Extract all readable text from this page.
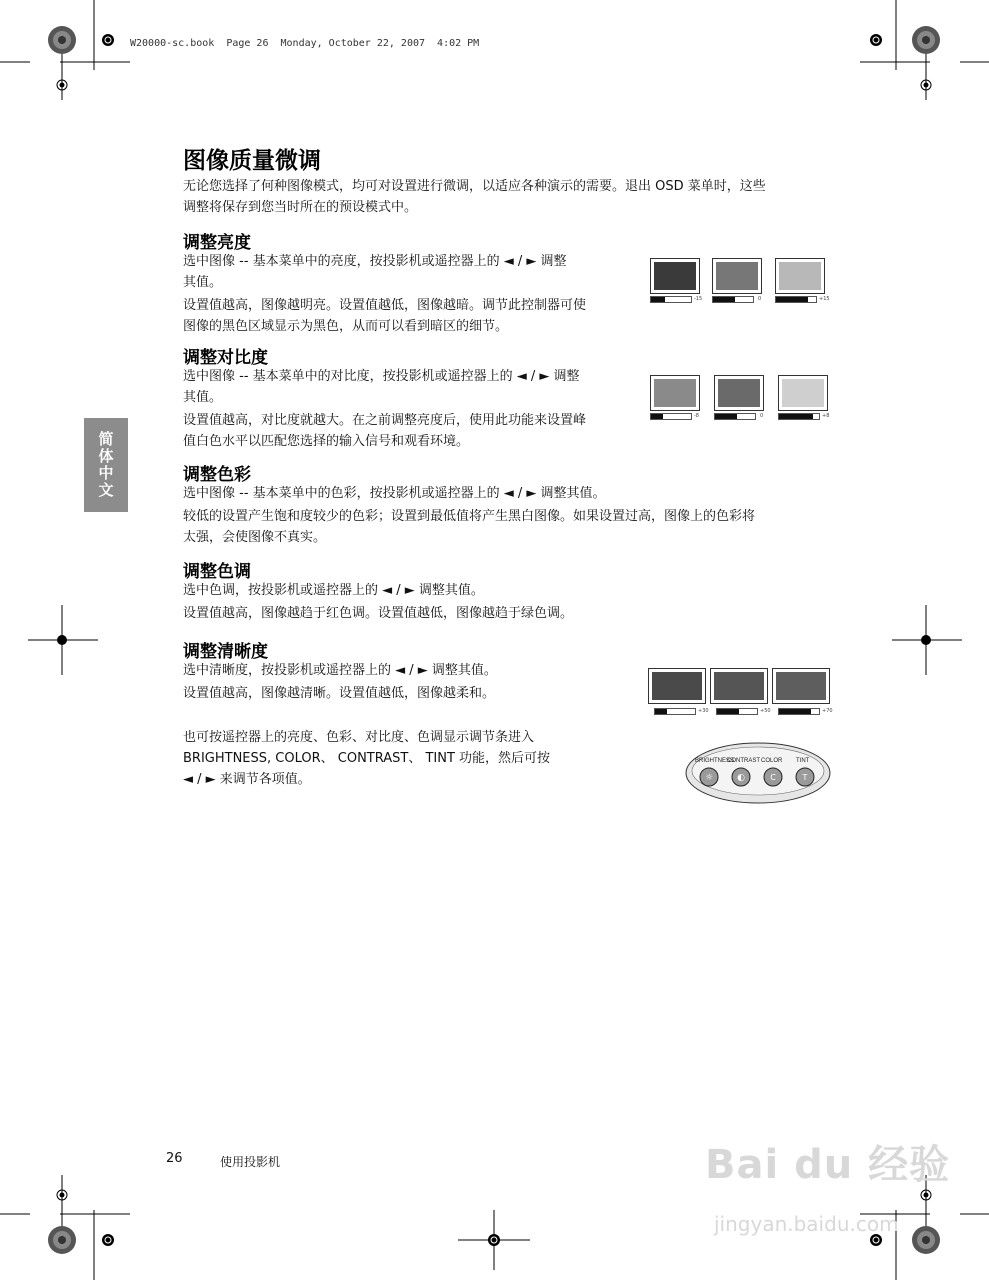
W20000-sc.book  Page 26  Monday, October 22, 2007  4:02 PM
简体中文
图像质量微调
无论您选择了何种图像模式，均可对设置进行微调，以适应各种演示的需要。退出 OSD 菜单时，这些
调整将保存到您当时所在的预设模式中。
调整亮度
选中图像 -- 基本菜单中的亮度，按投影机或遥控器上的 ◄ / ► 调整
其值。
设置值越高，图像越明亮。设置值越低，图像越暗。调节此控制器可使
图像的黑色区域显示为黑色，从而可以看到暗区的细节。
-15	0	+15
调整对比度
选中图像 -- 基本菜单中的对比度，按投影机或遥控器上的 ◄ / ► 调整
其值。
设置值越高，对比度就越大。在之前调整亮度后，使用此功能来设置峰
值白色水平以匹配您选择的输入信号和观看环境。
-8	0	+8
调整色彩
选中图像 -- 基本菜单中的色彩，按投影机或遥控器上的 ◄ / ► 调整其值。
较低的设置产生饱和度较少的色彩；设置到最低值将产生黑白图像。如果设置过高，图像上的色彩将
太强，会使图像不真实。
调整色调
选中色调，按投影机或遥控器上的 ◄ / ► 调整其值。
设置值越高，图像越趋于红色调。设置值越低，图像越趋于绿色调。
调整清晰度
选中清晰度，按投影机或遥控器上的 ◄ / ► 调整其值。
设置值越高，图像越清晰。设置值越低，图像越柔和。
+30	+50	+70
也可按遥控器上的亮度、色彩、对比度、色调显示调节条进入
BRIGHTNESS, COLOR、 CONTRAST、 TINT 功能，然后可按
◄ / ► 来调节各项值。
BRIGHTNESS
CONTRAST COLOR TINT
☼	◐	C	T
26	使用投影机	Bai du 经验
jingyan.baidu.com
